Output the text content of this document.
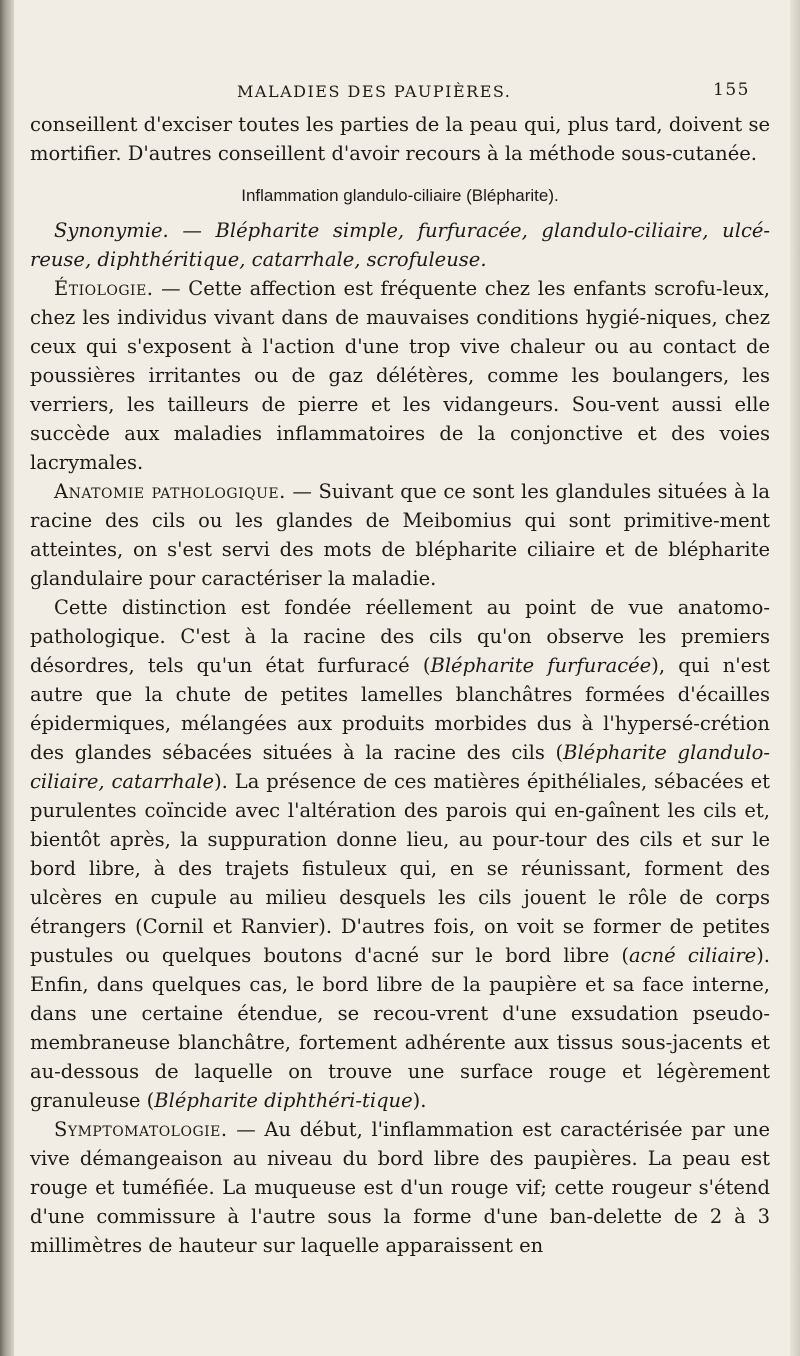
MALADIES DES PAUPIÈRES.	155

conseillent d'exciser toutes les parties de la peau qui, plus tard, doivent se mortifier. D'autres conseillent d'avoir recours à la méthode sous-cutanée.

Inflammation glandulo-ciliaire (Blépharite).

Synonymie. — Blépharite simple, furfuracée, glandulo-ciliaire, ulcé-reuse, diphthéritique, catarrhale, scrofuleuse.

Étiologie. — Cette affection est fréquente chez les enfants scrofu-leux, chez les individus vivant dans de mauvaises conditions hygié-niques, chez ceux qui s'exposent à l'action d'une trop vive chaleur ou au contact de poussières irritantes ou de gaz délétères, comme les boulangers, les verriers, les tailleurs de pierre et les vidangeurs. Sou-vent aussi elle succède aux maladies inflammatoires de la conjonctive et des voies lacrymales.

Anatomie pathologique. — Suivant que ce sont les glandules situées à la racine des cils ou les glandes de Meibomius qui sont primitive-ment atteintes, on s'est servi des mots de blépharite ciliaire et de blépharite glandulaire pour caractériser la maladie.

Cette distinction est fondée réellement au point de vue anatomo-pathologique. C'est à la racine des cils qu'on observe les premiers désordres, tels qu'un état furfuracé (Blépharite furfuracée), qui n'est autre que la chute de petites lamelles blanchâtres formées d'écailles épidermiques, mélangées aux produits morbides dus à l'hypersé-crétion des glandes sébacées situées à la racine des cils (Blépharite glandulo-ciliaire, catarrhale). La présence de ces matières épithéliales, sébacées et purulentes coïncide avec l'altération des parois qui en-gaînent les cils et, bientôt après, la suppuration donne lieu, au pour-tour des cils et sur le bord libre, à des trajets fistuleux qui, en se réunissant, forment des ulcères en cupule au milieu desquels les cils jouent le rôle de corps étrangers (Cornil et Ranvier). D'autres fois, on voit se former de petites pustules ou quelques boutons d'acné sur le bord libre (acné ciliaire). Enfin, dans quelques cas, le bord libre de la paupière et sa face interne, dans une certaine étendue, se recou-vrent d'une exsudation pseudo-membraneuse blanchâtre, fortement adhérente aux tissus sous-jacents et au-dessous de laquelle on trouve une surface rouge et légèrement granuleuse (Blépharite diphthéri-tique).

Symptomatologie. — Au début, l'inflammation est caractérisée par une vive démangeaison au niveau du bord libre des paupières. La peau est rouge et tuméfiée. La muqueuse est d'un rouge vif; cette rougeur s'étend d'une commissure à l'autre sous la forme d'une ban-delette de 2 à 3 millimètres de hauteur sur laquelle apparaissent en
